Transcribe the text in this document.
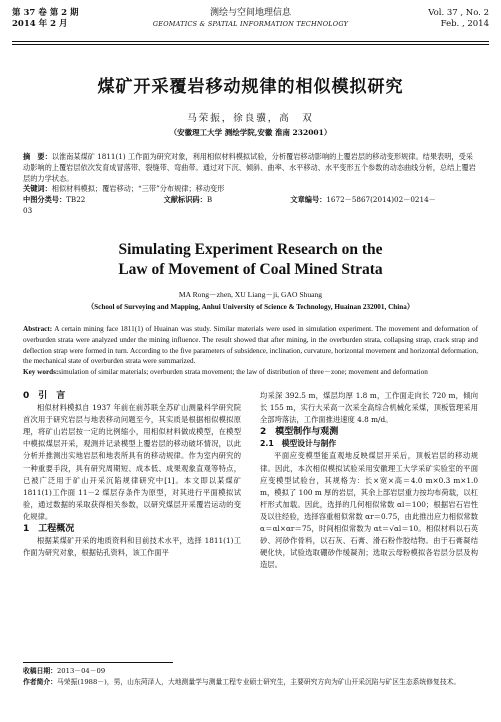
第 37 卷 第 2 期
2014 年 2 月
测绘与空间地理信息
GEOMATICS & SPATIAL INFORMATION TECHNOLOGY
Vol. 37 , No. 2
Feb. , 2014
煤矿开采覆岩移动规律的相似模拟研究
马荣振，徐良骥，高　双
（安徽理工大学 测绘学院,安徽 淮南 232001）
摘　要：以淮南某煤矿 1811(1) 工作面为研究对象，利用相似材料模拟试验，分析覆岩移动影响的上覆岩层的移动变形规律。结果表明，受采动影响的上覆岩层依次发育成冒落带、裂缝带、弯曲带。通过对下沉、倾斜、曲率、水平移动、水平变形五个参数的动态曲线分析，总结上覆岩层的力学状态。
关键词：相似材料模拟；覆岩移动；“三带”分布规律；移动变形
中图分类号：TB22	文献标识码：B	文章编号：1672－5867(2014)02－0214－03
Simulating Experiment Research on the
Law of Movement of Coal Mined Strata
MA Rong－zhen, XU Liang－ji, GAO Shuang
（School of Surveying and Mapping, Anhui University of Science & Technology, Huainan 232001, China）

Abstract: A certain mining face 1811(1) of Huainan was study. Similar materials were used in simulation experiment. The movement and deformation of overburden strata were analyzed under the mining influence. The result showed that after mining, in the overburden strata, collapsing strap, crack strap and deflection strap were formed in turn. According to the five parameters of subsidence, inclination, curvature, horizontal movement and horizontal deformation, the mechanical state of overburden strata were summarized.

Key words:simulation of similar materials; overburden strata movement; the law of distribution of three－zone; movement and deformation

0　引　言

相似材料模拟自 1937 年前在前苏联全苏矿山测量科学研究院首次用于研究岩层与地表移动问题至今，其实质是根据相似模拟原理，将矿山岩层按一定的比例缩小，用相似材料做成模型，在模型中模拟煤层开采，观测并记录模型上覆岩层的移动破坏情况，以此分析并推测出实地岩层和地表所具有的移动规律。作为室内研究的一种重要手段，具有研究周期短、成本低、成果观象直观等特点，已被广泛用于矿山开采沉陷规律研究中[1]。本文即以某煤矿 1811(1)工作面 11－2 煤层存条件为原型，对其进行平面模拟试验，通过数据的采取获得相关参数，以研究煤层开采覆岩运动的变化规律。

1　工程概况

根据某煤矿开采的地质资料和目前技术水平，选择 1811(1)工作面为研究对象，根据钻孔资料，该工作面平

均采深 392.5 m，煤层均厚 1.8 m，工作面走向长 720 m，倾向长 155 m，实行大采高一次采全高综合机械化采煤，顶板管理采用全部垮落法，工作面推进速度 4.8 m/d。

2　模型制作与观测

2.1　模型设计与制作

平面应变模型能直观地反映煤层开采后，顶板岩层的移动规律。因此，本次相似模拟试验采用安徽理工大学采矿实验室的平面应变模型试验台，其规格为：长×宽×高＝4.0 m×0.3 m×1.0 m，模拟了 100 m 厚的岩层，其余上部岩层重力按均布荷载，以杠杆形式加载。因此，选择的几何相似常数 αl＝100；根据岩石岩性及以往经验，选择容重相似常数 αr＝0.75，由此推出应力相似常数 α＝αl×αr＝75，时间相似常数为 αt＝√αl＝10。相似材料以石英砂、河砂作骨料，以石灰、石膏、滑石粉作胶结物。由于石膏凝结硬化快，试验选取硼砂作缓凝剂；选取云母粉模拟各岩层分层及构造层。

收稿日期：2013－04－09
作者简介：马荣振(1988－)，男，山东菏泽人，大地测量学与测量工程专业硕士研究生，主要研究方向为矿山开采沉陷与矿区生态系统修复技术。
